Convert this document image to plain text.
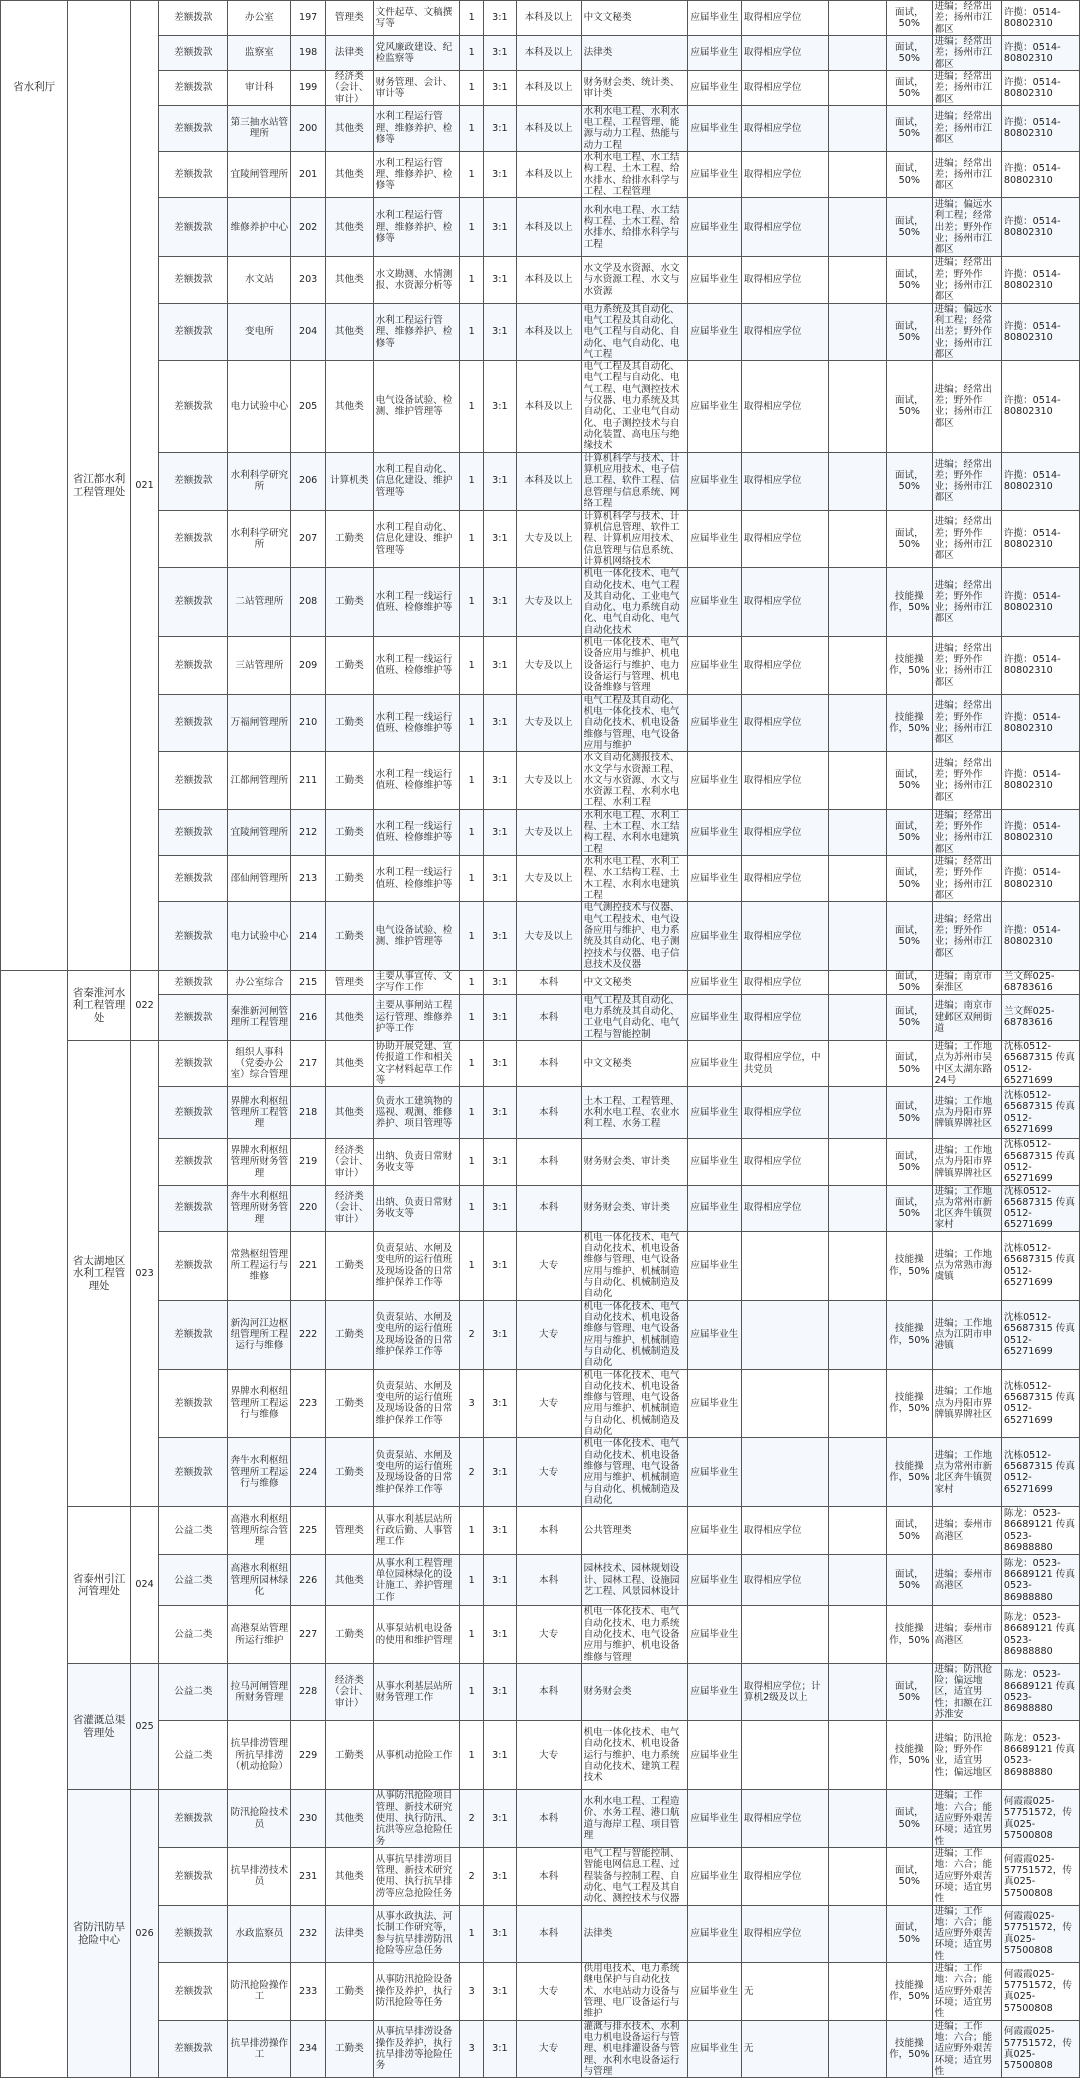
省水利厅	省江都水利工程管理处	021	差额拨款	办公室	197	管理类	文件起草、文稿撰写等	1	3:1	本科及以上	中文文秘类	应届毕业生	取得相应学位		面试，50%	进编；经常出差；扬州市江都区	许揽：0514-80802310
			差额拨款	监察室	198	法律类	党风廉政建设、纪检监察等	1	3:1	本科及以上	法律类	应届毕业生	取得相应学位		面试，50%	进编；经常出差；扬州市江都区	许揽：0514-80802310
			差额拨款	审计科	199	经济类（会计、审计）	财务管理、会计、审计等	1	3:1	本科及以上	财务财会类、统计类、审计类	应届毕业生	取得相应学位		面试，50%	进编；经常出差；扬州市江都区	许揽：0514-80802310
			差额拨款	第三抽水站管理所	200	其他类	水利工程运行管理、维修养护、检修等	1	3:1	本科及以上	水利水电工程、水利水电工程、工程管理、能源与动力工程、热能与动力工程	应届毕业生	取得相应学位		面试，50%	进编；经常出差；扬州市江都区	许揽：0514-80802310
			差额拨款	宜陵闸管理所	201	其他类	水利工程运行管理、维修养护、检修等	1	3:1	本科及以上	水利水电工程、水工结构工程、土木工程、给水排水、给排水科学与工程、工程管理	应届毕业生	取得相应学位		面试，50%	进编；经常出差；扬州市江都区	许揽：0514-80802310
			差额拨款	维修养护中心	202	其他类	水利工程运行管理、维修养护、检修等	1	3:1	本科及以上	水利水电工程、水工结构工程、土木工程、给水排水、给排水科学与工程	应届毕业生	取得相应学位		面试，50%	进编；偏远水利工程；经常出差；野外作业；扬州市江都区	许揽：0514-80802310
			差额拨款	水文站	203	其他类	水文勘测、水情测报、水资源分析等	1	3:1	本科及以上	水文学及水资源、水文与水资源工程、水文与水资源	应届毕业生	取得相应学位		面试，50%	进编；经常出差；野外作业；扬州市江都区	许揽：0514-80802310
			差额拨款	变电所	204	其他类	水利工程运行管理、维修养护、检修等	1	3:1	本科及以上	电力系统及其自动化、电气工程及其自动化、电气工程与自动化、自动化、电气自动化、电气工程	应届毕业生	取得相应学位		面试，50%	进编；偏远水利工程；经常出差；野外作业；扬州市江都区	许揽：0514-80802310
			差额拨款	电力试验中心	205	其他类	电气设备试验、检测、维护管理等	1	3:1	本科及以上	电气工程及其自动化、电气工程与自动化、电气工程、电气测控技术与仪器、电力系统及其自动化、工业电气自动化、电子测控技术与自动化装置、高电压与绝缘技术	应届毕业生	取得相应学位		面试，50%	进编；经常出差；野外作业；扬州市江都区	许揽：0514-80802310
			差额拨款	水利科学研究所	206	计算机类	水利工程自动化、信息化建设、维护管理等	1	3:1	本科及以上	计算机科学与技术、计算机应用技术、电子信息工程、软件工程、信息管理与信息系统、网络工程	应届毕业生	取得相应学位		面试，50%	进编；经常出差；野外作业；扬州市江都区	许揽：0514-80802310
			差额拨款	水利科学研究所	207	工勤类	水利工程自动化、信息化建设、维护管理等	1	3:1	大专及以上	计算机科学与技术、计算机信息管理、软件工程、计算机应用技术、信息管理与信息系统、计算机网络技术	应届毕业生	取得相应学位		面试，50%	进编；经常出差；野外作业；扬州市江都区	许揽：0514-80802310
			差额拨款	二站管理所	208	工勤类	水利工程一线运行值班、检修维护等	1	3:1	大专及以上	机电一体化技术、电气自动化技术、电气工程及其自动化、工业电气自动化、电力系统自动化、电气自动化、电气自动化技术	应届毕业生	取得相应学位		技能操作，50%	进编；经常出差；野外作业；扬州市江都区	许揽：0514-80802310
			差额拨款	三站管理所	209	工勤类	水利工程一线运行值班、检修维护等	1	3:1	大专及以上	机电一体化技术、电气设备应用与维护、机电设备运行与维护、电力设备运行与管理、机电设备维修与管理	应届毕业生	取得相应学位		技能操作，50%	进编；经常出差；野外作业；扬州市江都区	许揽：0514-80802310
			差额拨款	万福闸管理所	210	工勤类	水利工程一线运行值班、检修维护等	1	3:1	大专及以上	电气工程及其自动化、机电一体化技术、电气自动化技术、机电设备维修与管理、电气设备应用与维护	应届毕业生	取得相应学位		技能操作，50%	进编；经常出差；野外作业；扬州市江都区	许揽：0514-80802310
			差额拨款	江都闸管理所	211	工勤类	水利工程一线运行值班、检修维护等	1	3:1	大专及以上	水文自动化测报技术、水文学与水资源工程、水文与水资源、水文与水资源工程、水利水电工程、水利工程	应届毕业生	取得相应学位		面试，50%	进编；经常出差；野外作业；扬州市江都区	许揽：0514-80802310
			差额拨款	宜陵闸管理所	212	工勤类	水利工程一线运行值班、检修维护等	1	3:1	大专及以上	水利水电工程、水利工程、土木工程、水工结构工程、水利水电建筑工程	应届毕业生	取得相应学位		面试，50%	进编；经常出差；野外作业；扬州市江都区	许揽：0514-80802310
			差额拨款	邵仙闸管理所	213	工勤类	水利工程一线运行值班、检修维护等	1	3:1	大专及以上	水利水电工程、水利工程、水工结构工程、土木工程、水利水电建筑工程	应届毕业生	取得相应学位		面试，50%	进编；经常出差；野外作业；扬州市江都区	许揽：0514-80802310
			差额拨款	电力试验中心	214	工勤类	电气设备试验、检测、维护管理等	1	3:1	大专及以上	电气测控技术与仪器、电气工程技术、电气设备应用与维护、电力系统及其自动化、电子测控技术与仪器、电子信息技术及仪器	应届毕业生	取得相应学位		面试，50%	进编；经常出差；野外作业；扬州市江都区	许揽：0514-80802310
	省秦淮河水利工程管理处	022	差额拨款	办公室综合	215	管理类	主要从事宣传、文字写作工作	1	3:1	本科	中文文秘类	应届毕业生	取得相应学位		面试，50%	进编；南京市秦淮区	兰文辉025-68783616
			差额拨款	秦淮新河闸管理所工程管理	216	其他类	主要从事闸站工程运行管理、维修养护等工作	1	3:1	本科	电气工程及其自动化、电力系统及其自动化、工业电气自动化、电气工程与智能控制	应届毕业生	取得相应学位		面试，50%	进编；南京市建邺区双闸街道	兰文辉025-68783616
	省太湖地区水利工程管理处	023	差额拨款	组织人事科（党委办公室）综合管理	217	其他类	协助开展党建、宣传报道工作和相关文字材料起草工作等	1	3:1	本科	中文文秘类	应届毕业生	取得相应学位，中共党员		面试，50%	进编；工作地点为苏州市吴中区太湖东路24号	沈栋0512-65687315 传真0512-65271699
			差额拨款	界牌水利枢纽管理所工程管理	218	其他类	负责水工建筑物的巡视、观测、维修养护、项目管理等	1	3:1	本科	土木工程、工程管理、水利水电工程、农业水利工程、水务工程	应届毕业生	取得相应学位		面试，50%	进编；工作地点为丹阳市界牌镇界牌社区	沈栋0512-65687315 传真0512-65271699
			差额拨款	界牌水利枢纽管理所财务管理	219	经济类（会计、审计）	出纳、负责日常财务收支等	1	3:1	本科	财务财会类、审计类	应届毕业生	取得相应学位		面试，50%	进编；工作地点为丹阳市界牌镇界牌社区	沈栋0512-65687315 传真0512-65271699
			差额拨款	奔牛水利枢纽管理所财务管理	220	经济类（会计、审计）	出纳、负责日常财务收支等	1	3:1	本科	财务财会类、审计类	应届毕业生	取得相应学位		面试，50%	进编；工作地点为常州市新北区奔牛镇贺家村	沈栋0512-65687315 传真0512-65271699
			差额拨款	常熟枢纽管理所工程运行与维修	221	工勤类	负责泵站、水闸及变电所的运行值班及现场设备的日常维护保养工作等	1	3:1	大专	机电一体化技术、电气自动化技术、机电设备维修与管理、电气设备应用与维护、机械制造与自动化、机械制造及自动化	应届毕业生			技能操作，50%	进编；工作地点为常熟市海虞镇	沈栋0512-65687315 传真0512-65271699
			差额拨款	新沟河江边枢纽管理所工程运行与维修	222	工勤类	负责泵站、水闸及变电所的运行值班及现场设备的日常维护保养工作等	2	3:1	大专	机电一体化技术、电气自动化技术、机电设备维修与管理、电气设备应用与维护、机械制造与自动化、机械制造及自动化	应届毕业生			技能操作，50%	进编；工作地点为江阴市申港镇	沈栋0512-65687315 传真0512-65271699
			差额拨款	界牌水利枢纽管理所工程运行与维修	223	工勤类	负责泵站、水闸及变电所的运行值班及现场设备的日常维护保养工作等	3	3:1	大专	机电一体化技术、电气自动化技术、机电设备维修与管理、电气设备应用与维护、机械制造与自动化、机械制造及自动化	应届毕业生			技能操作，50%	进编；工作地点为丹阳市界牌镇界牌社区	沈栋0512-65687315 传真0512-65271699
			差额拨款	奔牛水利枢纽管理所工程运行与维修	224	工勤类	负责泵站、水闸及变电所的运行值班及现场设备的日常维护保养工作等	2	3:1	大专	机电一体化技术、电气自动化技术、机电设备维修与管理、电气设备应用与维护、机械制造与自动化、机械制造及自动化	应届毕业生			技能操作，50%	进编；工作地点为常州市新北区奔牛镇贺家村	沈栋0512-65687315 传真0512-65271699
	省泰州引江河管理处	024	公益二类	高港水利枢纽管理所综合管理	225	管理类	从事水利基层站所行政后勤、人事管理工作	1	3:1	本科	公共管理类	应届毕业生	取得相应学位		面试，50%	进编；泰州市高港区	陈龙：0523-86689121 传真0523-86988880
			公益二类	高港水利枢纽管理所园林绿化	226	其他类	从事水利工程管理单位园林绿化的设计施工、养护管理工作	1	3:1	本科	园林技术、园林规划设计、园林工程、设施园艺工程、风景园林设计	应届毕业生	取得相应学位		面试，50%	进编；泰州市高港区	陈龙：0523-86689121 传真0523-86988880
			公益二类	高港泵站管理所运行维护	227	工勤类	从事泵站机电设备的使用和维护管理	1	3:1	大专	机电一体化技术、电气自动化技术、电力系统自动化技术、电气设备应用与维护、机电设备维修与管理	应届毕业生			技能操作，50%	进编；泰州市高港区	陈龙：0523-86689121 传真0523-86988880
	省灌溉总渠管理处	025	公益二类	拉马河闸管理所财务管理	228	经济类（会计、审计）	从事水利基层站所财务管理工作	1	3:1	本科	财务财会类	应届毕业生	取得相应学位；计算机2级及以上		面试，50%	进编；防汛抢险；偏远地区，适宜男性；扣额在江苏淮安	陈龙：0523-86689121 传真0523-86988880
			公益二类	抗旱排涝管理所抗旱排涝（机动抢险）	229	工勤类	从事机动抢险工作	1	3:1	大专	机电一体化技术、电气自动化技术、机电设备运行与维护、电力系统自动化技术、建筑工程技术	应届毕业生			技能操作，50%	进编；防汛抢险；野外作业，适宜男性；偏远地区	陈龙：0523-86689121 传真0523-86988880
	省防汛防旱抢险中心	026	差额拨款	防汛抢险技术员	230	其他类	从事防汛抢险项目管理、新技术研究使用、执行防汛、抗洪等应急抢险任务	2	3:1	本科	水利水电工程、工程造价、水务工程、港口航道与海岸工程、项目管理	应届毕业生	取得相应学位		面试，50%	进编；工作地：六合；能适应野外艰苦环境；适宜男性	何霞霞025-57751572，传真025-57500808
			差额拨款	抗旱排涝技术员	231	其他类	从事抗旱排涝项目管理、新技术研究使用、执行抗旱排涝等应急抢险任务	2	3:1	本科	电气工程与智能控制、智能电网信息工程、过程装备与控制工程、自动化、电气工程及其自动化、测控技术与仪器	应届毕业生	取得相应学位		面试，50%	进编；工作地：六合；能适应野外艰苦环境；适宜男性	何霞霞025-57751572，传真025-57500808
			差额拨款	水政监察员	232	法律类	从事水政执法、河长制工作研究等，参与抗旱排涝防汛抢险等应急任务	1	3:1	本科	法律类	应届毕业生	取得相应学位		面试，50%	进编；工作地：六合；能适应野外艰苦环境；适宜男性	何霞霞025-57751572，传真025-57500808
			差额拨款	防汛抢险操作工	233	工勤类	从事防汛抢险设备操作及养护，执行防汛抢险等任务	3	3:1	大专	供用电技术、电力系统继电保护与自动化技术、水电站动力设备与管理、电厂设备运行与维护	应届毕业生	无		技能操作，50%	进编；工作地：六合；能适应野外艰苦环境；适宜男性	何霞霞025-57751572，传真025-57500808
			差额拨款	抗旱排涝操作工	234	工勤类	从事抗旱排涝设备操作及养护，执行抗旱排涝等抢险任务	3	3:1	大专	灌溉与排水技术、水利电力机电设备运行与管理、机电排灌设备与管理、水利水电设备运行与管理	应届毕业生	无		技能操作，50%	进编；工作地：六合；能适应野外艰苦环境；适宜男性	何霞霞025-57751572，传真025-57500808
